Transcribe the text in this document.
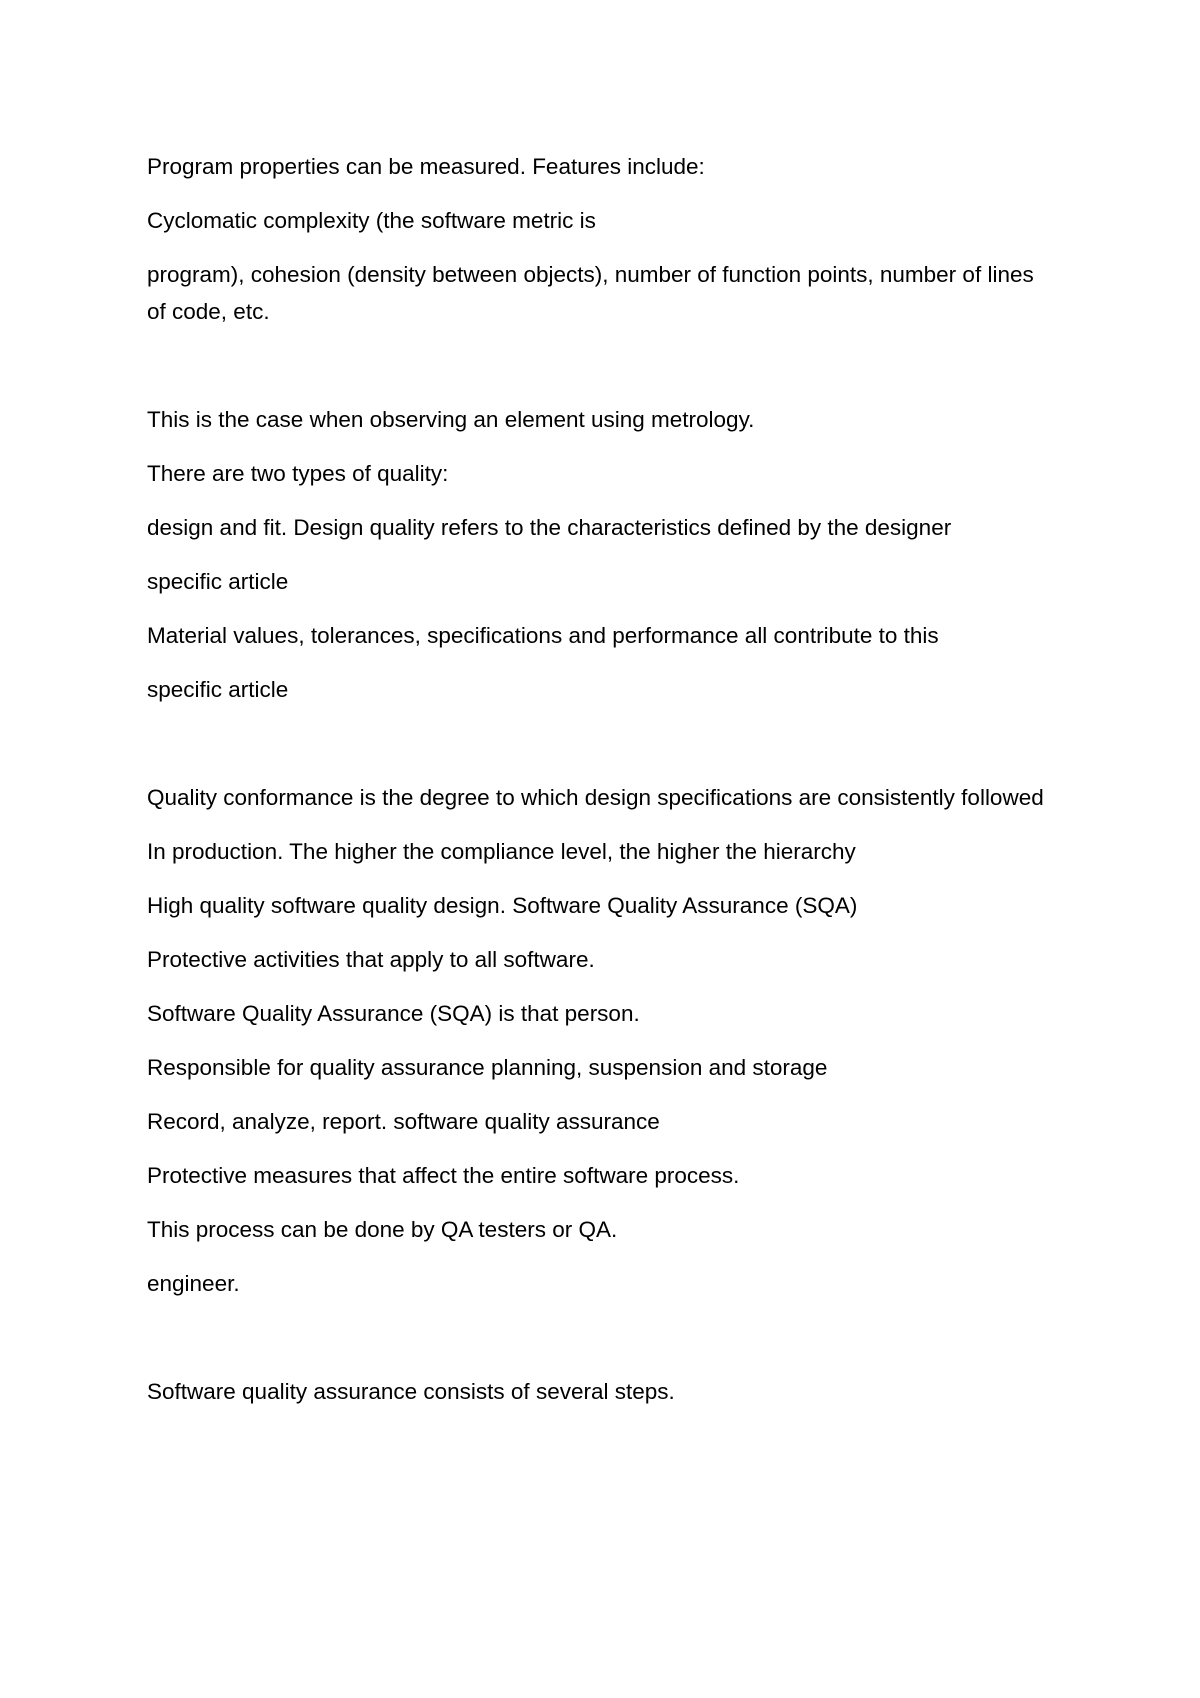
Program properties can be measured. Features include:

Cyclomatic complexity (the software metric is

program), cohesion (density between objects), number of function points, number of lines of code, etc.

This is the case when observing an element using metrology.

There are two types of quality:

design and fit. Design quality refers to the characteristics defined by the designer

specific article

Material values, tolerances, specifications and performance all contribute to this

specific article

Quality conformance is the degree to which design specifications are consistently followed

In production. The higher the compliance level, the higher the hierarchy

High quality software quality design. Software Quality Assurance (SQA)

Protective activities that apply to all software.

Software Quality Assurance (SQA) is that person.

Responsible for quality assurance planning, suspension and storage

Record, analyze, report. software quality assurance

Protective measures that affect the entire software process.

This process can be done by QA testers or QA.

engineer.

Software quality assurance consists of several steps.
